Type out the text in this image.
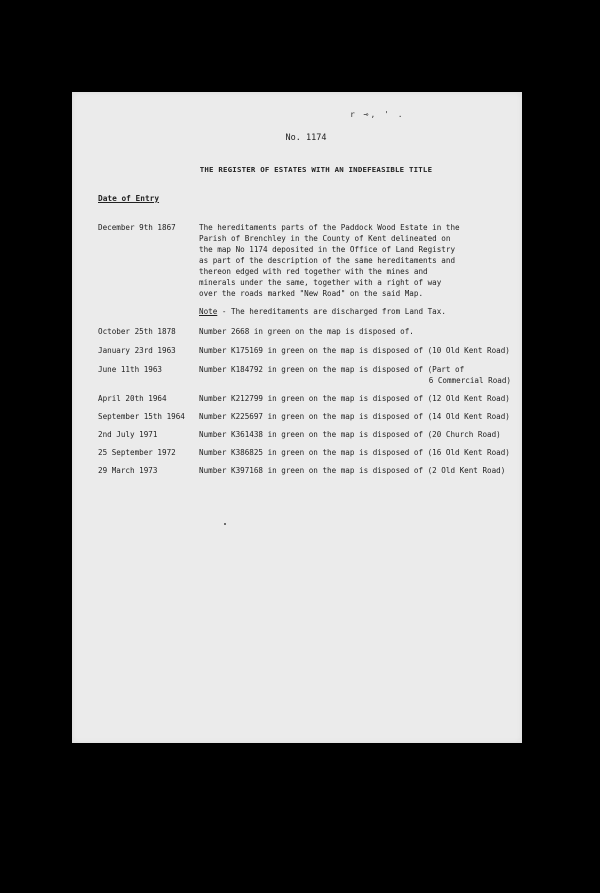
r ⊸, ' .
No. 1174
THE REGISTER OF ESTATES WITH AN INDEFEASIBLE TITLE
Date of Entry
December 9th 1867	The hereditaments parts of the Paddock Wood Estate in the
Parish of Brenchley in the County of Kent delineated on
the map No 1174 deposited in the Office of Land Registry
as part of the description of the same hereditaments and
thereon edged with red together with the mines and
minerals under the same, together with a right of way
over the roads marked "New Road" on the said Map.
Note - The hereditaments are discharged from Land Tax.
October 25th 1878	Number 2668 in green on the map is disposed of.
January 23rd 1963	Number K175169 in green on the map is disposed of (10 Old Kent Road)
June 11th 1963	Number K184792 in green on the map is disposed of (Part of
6 Commercial Road)
April 20th 1964	Number K212799 in green on the map is disposed of (12 Old Kent Road)
September 15th 1964	Number K225697 in green on the map is disposed of (14 Old Kent Road)
2nd July 1971	Number K361438 in green on the map is disposed of (20 Church Road)
25 September 1972	Number K386825 in green on the map is disposed of (16 Old Kent Road)
29 March 1973	Number K397168 in green on the map is disposed of (2 Old Kent Road)
